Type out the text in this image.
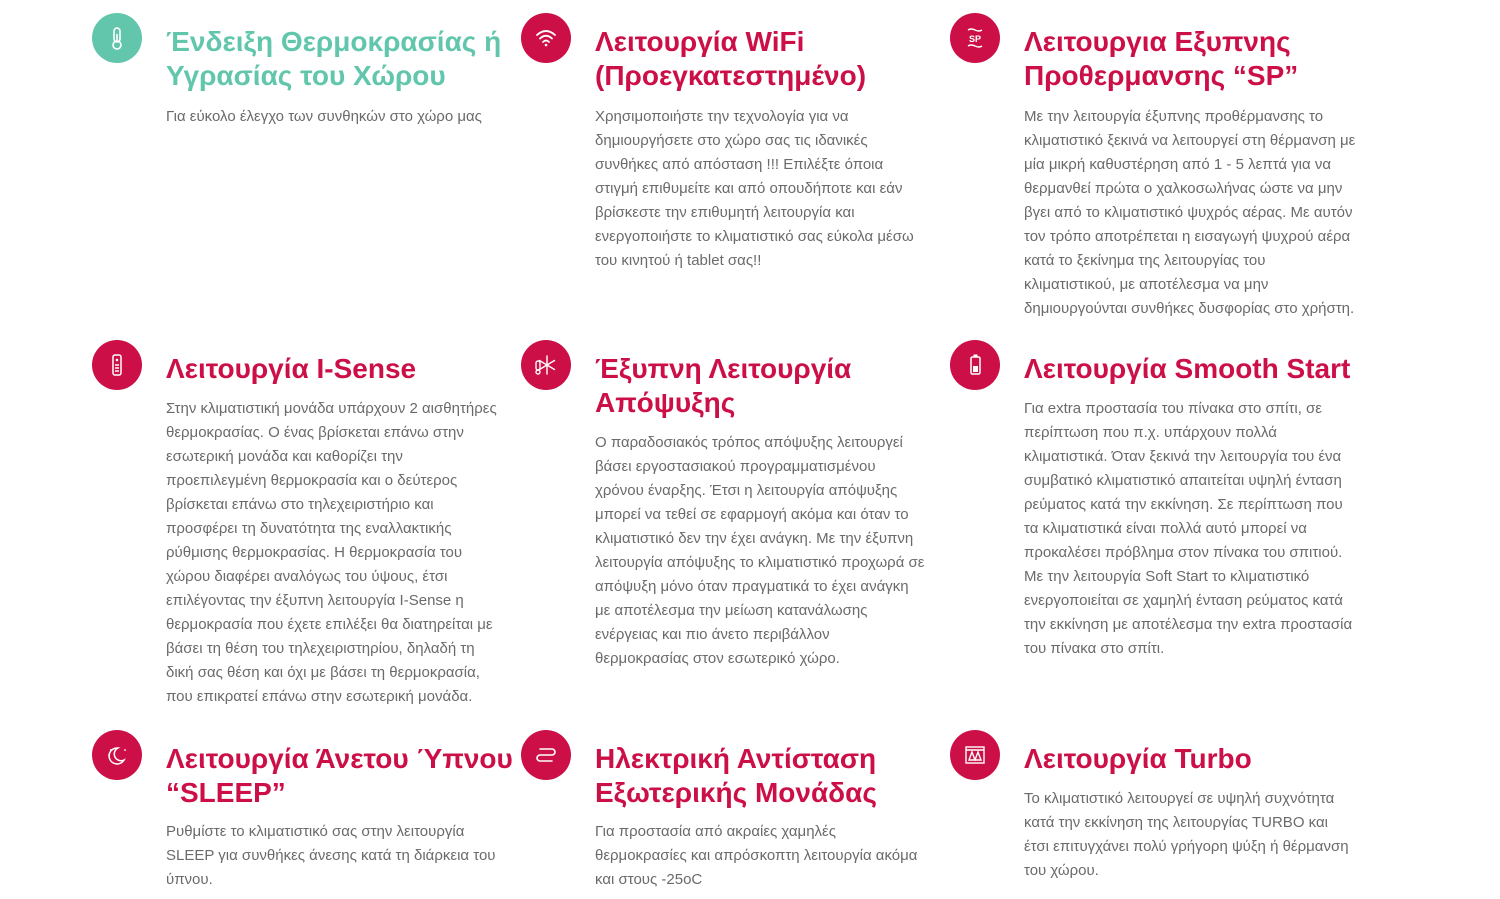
Ένδειξη Θερμοκρασίας ή
Υγρασίας του Χώρου

Για εύκολο έλεγχο των συνθηκών στο χώρο μας

Λειτουργία WiFi
(Προεγκατεστημένο)

Χρησιμοποιήστε την τεχνολογία για να
δημιουργήσετε στο χώρο σας τις ιδανικές
συνθήκες από απόσταση !!! Επιλέξτε όποια
στιγμή επιθυμείτε και από οπουδήποτε και εάν
βρίσκεστε την επιθυμητή λειτουργία και
ενεργοποιήστε το κλιματιστικό σας εύκολα μέσω
του κινητού ή tablet σας!!

SP Λειτουργια Εξυπνης
Προθερμανσης “SP”

Με την λειτουργία έξυπνης προθέρμανσης το
κλιματιστικό ξεκινά να λειτουργεί στη θέρμανση με
μία μικρή καθυστέρηση από 1 - 5 λεπτά για να
θερμανθεί πρώτα ο χαλκοσωλήνας ώστε να μην
βγει από το κλιματιστικό ψυχρός αέρας. Με αυτόν
τον τρόπο αποτρέπεται η εισαγωγή ψυχρού αέρα
κατά το ξεκίνημα της λειτουργίας του
κλιματιστικού, με αποτέλεσμα να μην
δημιουργούνται συνθήκες δυσφορίας στο χρήστη.

Λειτουργία I-Sense

Στην κλιματιστική μονάδα υπάρχουν 2 αισθητήρες
θερμοκρασίας. Ο ένας βρίσκεται επάνω στην
εσωτερική μονάδα και καθορίζει την
προεπιλεγμένη θερμοκρασία και ο δεύτερος
βρίσκεται επάνω στο τηλεχειριστήριο και
προσφέρει τη δυνατότητα της εναλλακτικής
ρύθμισης θερμοκρασίας. Η θερμοκρασία του
χώρου διαφέρει αναλόγως του ύψους, έτσι
επιλέγοντας την έξυπνη λειτουργία I-Sense η
θερμοκρασία που έχετε επιλέξει θα διατηρείται με
βάσει τη θέση του τηλεχειριστηρίου, δηλαδή τη
δική σας θέση και όχι με βάσει τη θερμοκρασία,
που επικρατεί επάνω στην εσωτερική μονάδα.

Έξυπνη Λειτουργία
Απόψυξης

Ο παραδοσιακός τρόπος απόψυξης λειτουργεί
βάσει εργοστασιακού προγραμματισμένου
χρόνου έναρξης. Έτσι η λειτουργία απόψυξης
μπορεί να τεθεί σε εφαρμογή ακόμα και όταν το
κλιματιστικό δεν την έχει ανάγκη. Με την έξυπνη
λειτουργία απόψυξης το κλιματιστικό προχωρά σε
απόψυξη μόνο όταν πραγματικά το έχει ανάγκη
με αποτέλεσμα την μείωση κατανάλωσης
ενέργειας και πιο άνετο περιβάλλον
θερμοκρασίας στον εσωτερικό χώρο.

Λειτουργία Smooth Start

Για extra προστασία του πίνακα στο σπίτι, σε
περίπτωση που π.χ. υπάρχουν πολλά
κλιματιστικά. Όταν ξεκινά την λειτουργία του ένα
συμβατικό κλιματιστικό απαιτείται υψηλή ένταση
ρεύματος κατά την εκκίνηση. Σε περίπτωση που
τα κλιματιστικά είναι πολλά αυτό μπορεί να
προκαλέσει πρόβλημα στον πίνακα του σπιτιού.
Με την λειτουργία Soft Start το κλιματιστικό
ενεργοποιείται σε χαμηλή ένταση ρεύματος κατά
την εκκίνηση με αποτέλεσμα την extra προστασία
του πίνακα στο σπίτι.

Λειτουργία Άνετου Ύπνου
“SLEEP”

Ρυθμίστε το κλιματιστικό σας στην λειτουργία
SLEEP για συνθήκες άνεσης κατά τη διάρκεια του
ύπνου.

Ηλεκτρική Αντίσταση
Εξωτερικής Μονάδας

Για προστασία από ακραίες χαμηλές
θερμοκρασίες και απρόσκοπτη λειτουργία ακόμα
και στους -25oC

Λειτουργία Turbo

Το κλιματιστικό λειτουργεί σε υψηλή συχνότητα
κατά την εκκίνηση της λειτουργίας TURBO και
έτσι επιτυγχάνει πολύ γρήγορη ψύξη ή θέρμανση
του χώρου.
